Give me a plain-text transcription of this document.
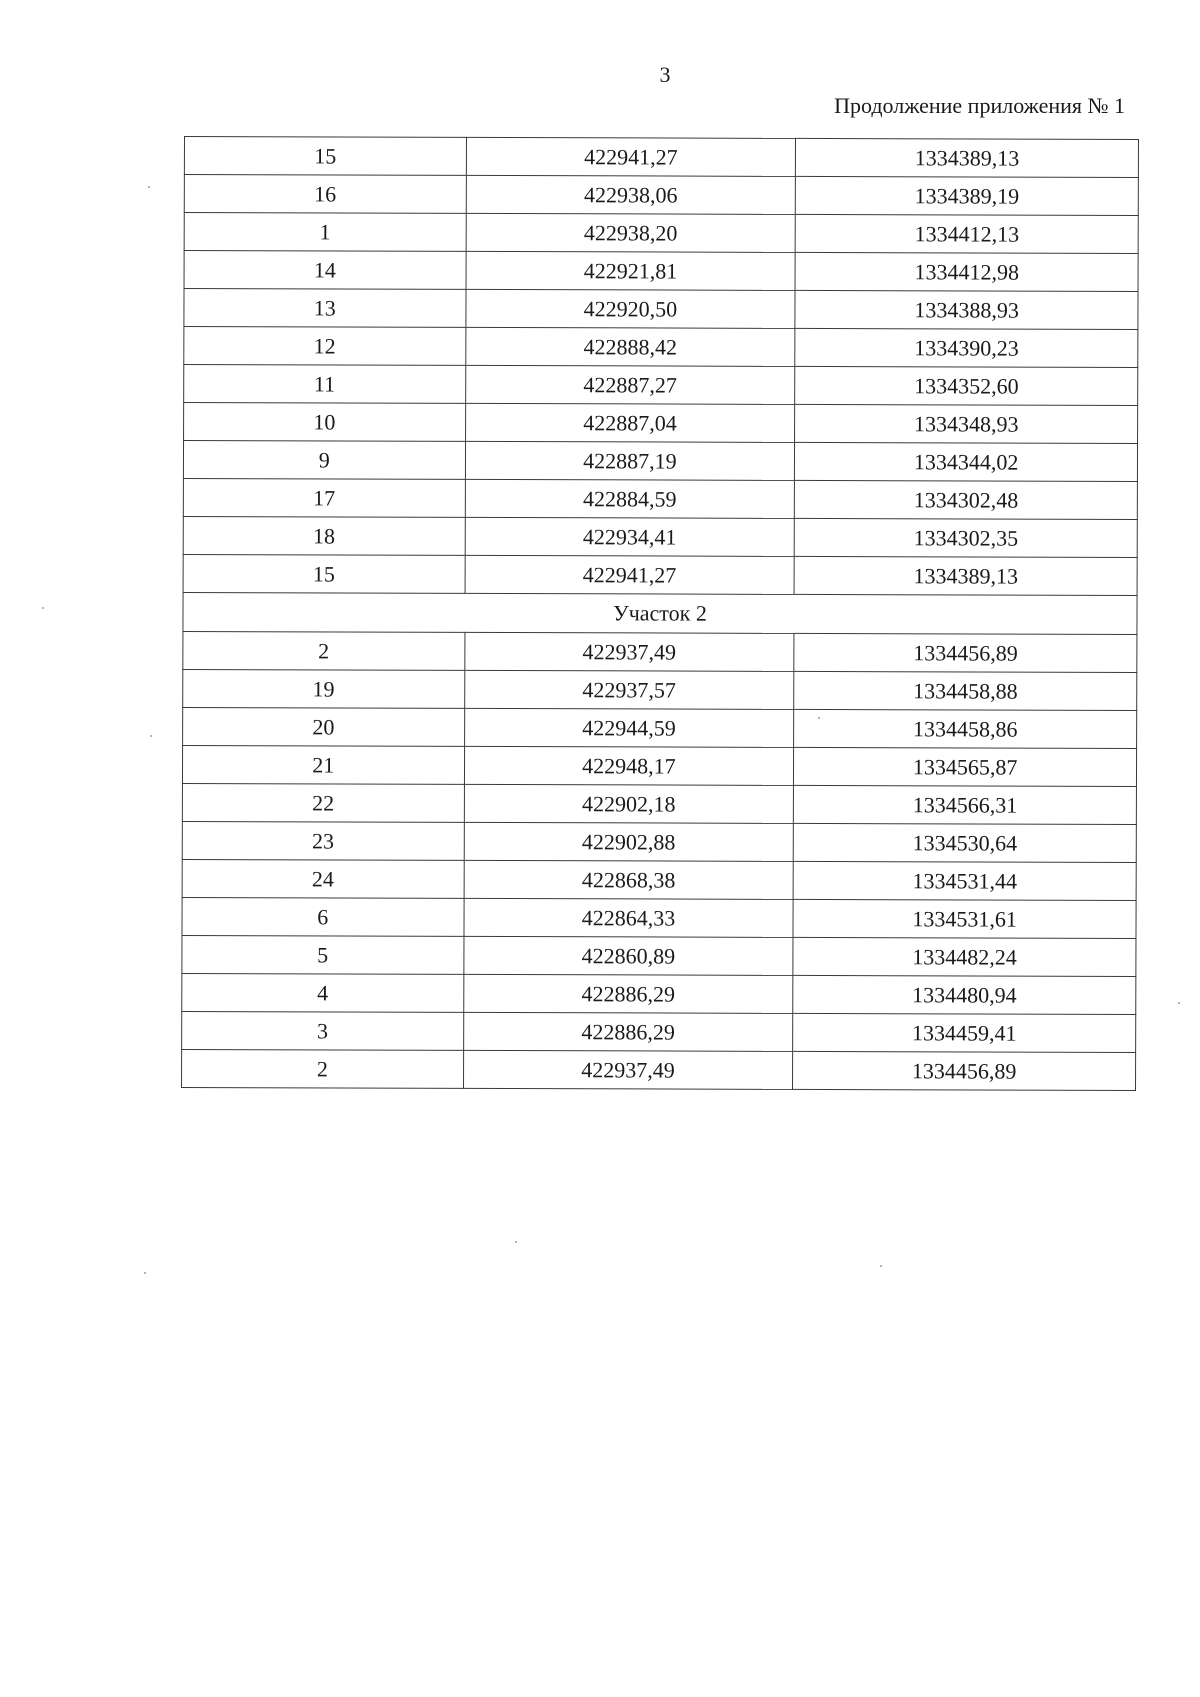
3
Продолжение приложения № 1
15	422941,27	1334389,13
16	422938,06	1334389,19
1	422938,20	1334412,13
14	422921,81	1334412,98
13	422920,50	1334388,93
12	422888,42	1334390,23
11	422887,27	1334352,60
10	422887,04	1334348,93
9	422887,19	1334344,02
17	422884,59	1334302,48
18	422934,41	1334302,35
15	422941,27	1334389,13
Участок 2		
2	422937,49	1334456,89
19	422937,57	1334458,88
20	422944,59	1334458,86
21	422948,17	1334565,87
22	422902,18	1334566,31
23	422902,88	1334530,64
24	422868,38	1334531,44
6	422864,33	1334531,61
5	422860,89	1334482,24
4	422886,29	1334480,94
3	422886,29	1334459,41
2	422937,49	1334456,89
